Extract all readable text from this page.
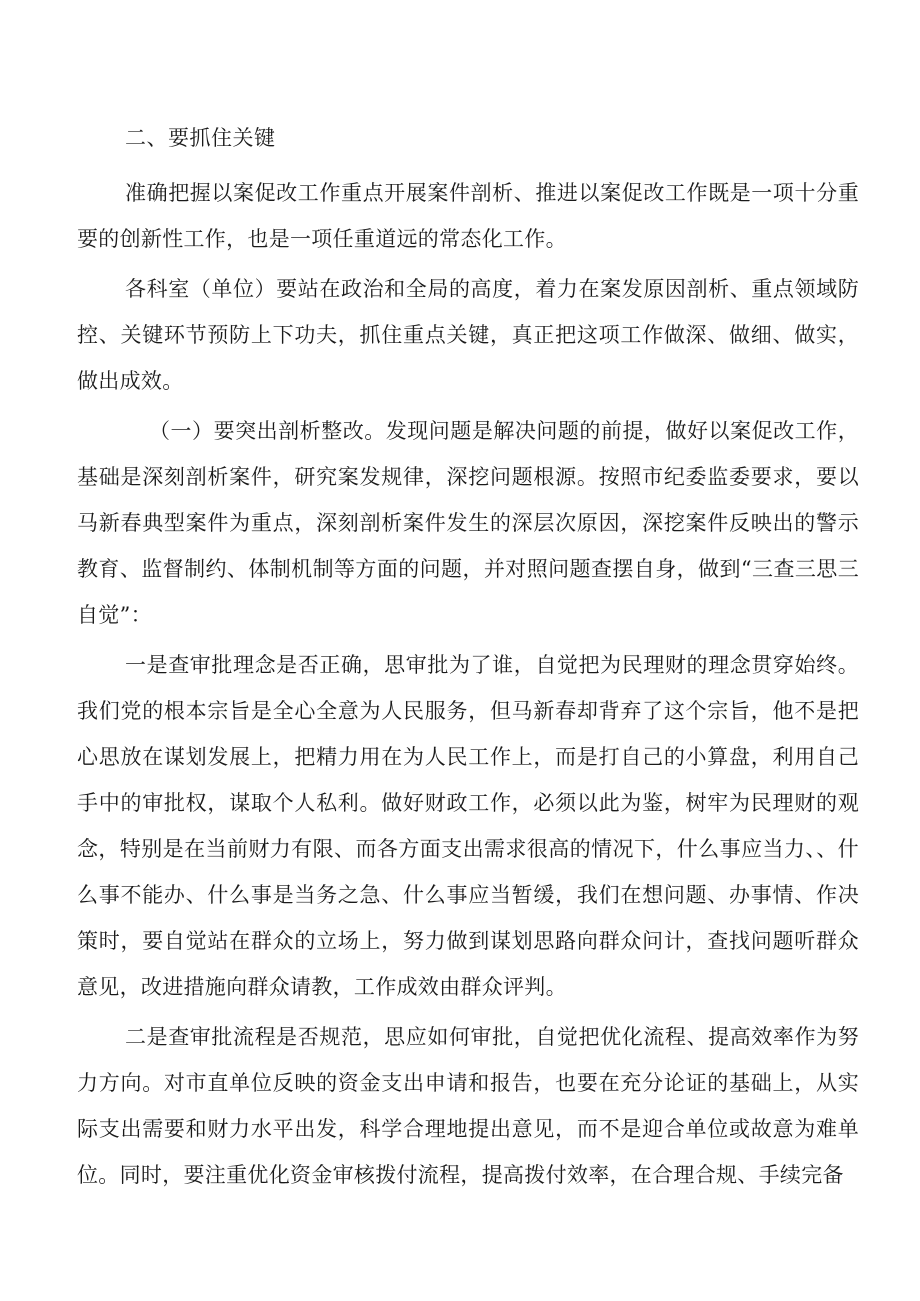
二、要抓住关键

准确把握以案促改工作重点开展案件剖析、推进以案促改工作既是一项十分重要的创新性工作，也是一项任重道远的常态化工作。

各科室（单位）要站在政治和全局的高度，着力在案发原因剖析、重点领域防控、关键环节预防上下功夫，抓住重点关键，真正把这项工作做深、做细、做实，做出成效。

（一）要突出剖析整改。发现问题是解决问题的前提，做好以案促改工作，基础是深刻剖析案件，研究案发规律，深挖问题根源。按照市纪委监委要求，要以马新春典型案件为重点，深刻剖析案件发生的深层次原因，深挖案件反映出的警示教育、监督制约、体制机制等方面的问题，并对照问题查摆自身，做到“三查三思三自觉”：

一是查审批理念是否正确，思审批为了谁，自觉把为民理财的理念贯穿始终。我们党的根本宗旨是全心全意为人民服务，但马新春却背弃了这个宗旨，他不是把心思放在谋划发展上，把精力用在为人民工作上，而是打自己的小算盘，利用自己手中的审批权，谋取个人私利。做好财政工作，必须以此为鉴，树牢为民理财的观念，特别是在当前财力有限、而各方面支出需求很高的情况下，什么事应当力、、什么事不能办、什么事是当务之急、什么事应当暂缓，我们在想问题、办事情、作决策时，要自觉站在群众的立场上，努力做到谋划思路向群众问计，查找问题听群众意见，改进措施向群众请教，工作成效由群众评判。

二是查审批流程是否规范，思应如何审批，自觉把优化流程、提高效率作为努力方向。对市直单位反映的资金支出申请和报告，也要在充分论证的基础上，从实际支出需要和财力水平出发，科学合理地提出意见，而不是迎合单位或故意为难单位。同时，要注重优化资金审核拨付流程，提高拨付效率，在合理合规、手续完备
